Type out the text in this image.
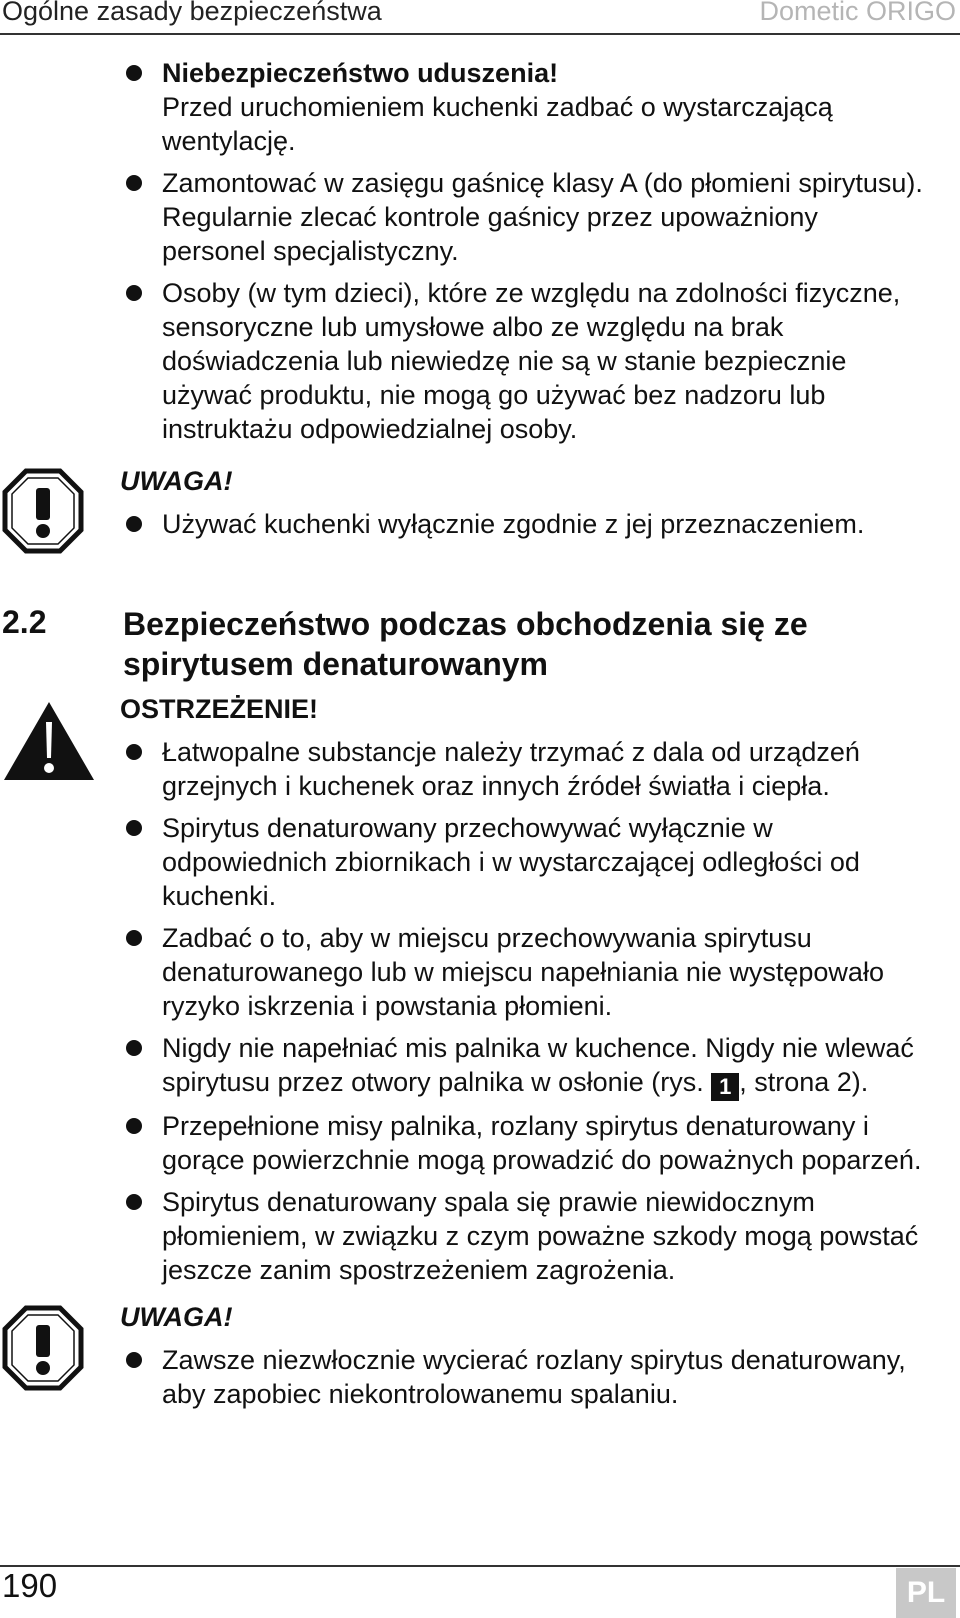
Ogólne zasady bezpieczeństwa	Dometic ORIGO
Niebezpieczeństwo uduszenia!
Przed uruchomieniem kuchenki zadbać o wystarczającą
wentylację.
Zamontować w zasięgu gaśnicę klasy A (do płomieni spirytusu).
Regularnie zlecać kontrole gaśnicy przez upoważniony
personel specjalistyczny.
Osoby (w tym dzieci), które ze względu na zdolności fizyczne,
sensoryczne lub umysłowe albo ze względu na brak
doświadczenia lub niewiedzę nie są w stanie bezpiecznie
używać produktu, nie mogą go używać bez nadzoru lub
instruktażu odpowiedzialnej osoby.
UWAGA!
Używać kuchenki wyłącznie zgodnie z jej przeznaczeniem.
2.2 Bezpieczeństwo podczas obchodzenia się ze
spirytusem denaturowanym
OSTRZEŻENIE!
Łatwopalne substancje należy trzymać z dala od urządzeń
grzejnych i kuchenek oraz innych źródeł światła i ciepła.
Spirytus denaturowany przechowywać wyłącznie w
odpowiednich zbiornikach i w wystarczającej odległości od
kuchenki.
Zadbać o to, aby w miejscu przechowywania spirytusu
denaturowanego lub w miejscu napełniania nie występowało
ryzyko iskrzenia i powstania płomieni.
Nigdy nie napełniać mis palnika w kuchence. Nigdy nie wlewać
spirytusu przez otwory palnika w osłonie (rys. 1 , strona 2).
Przepełnione misy palnika, rozlany spirytus denaturowany i
gorące powierzchnie mogą prowadzić do poważnych poparzeń.
Spirytus denaturowany spala się prawie niewidocznym
płomieniem, w związku z czym poważne szkody mogą powstać
jeszcze zanim spostrzeżeniem zagrożenia.
UWAGA!
Zawsze niezwłocznie wycierać rozlany spirytus denaturowany,
aby zapobiec niekontrolowanemu spalaniu.
190	PL
